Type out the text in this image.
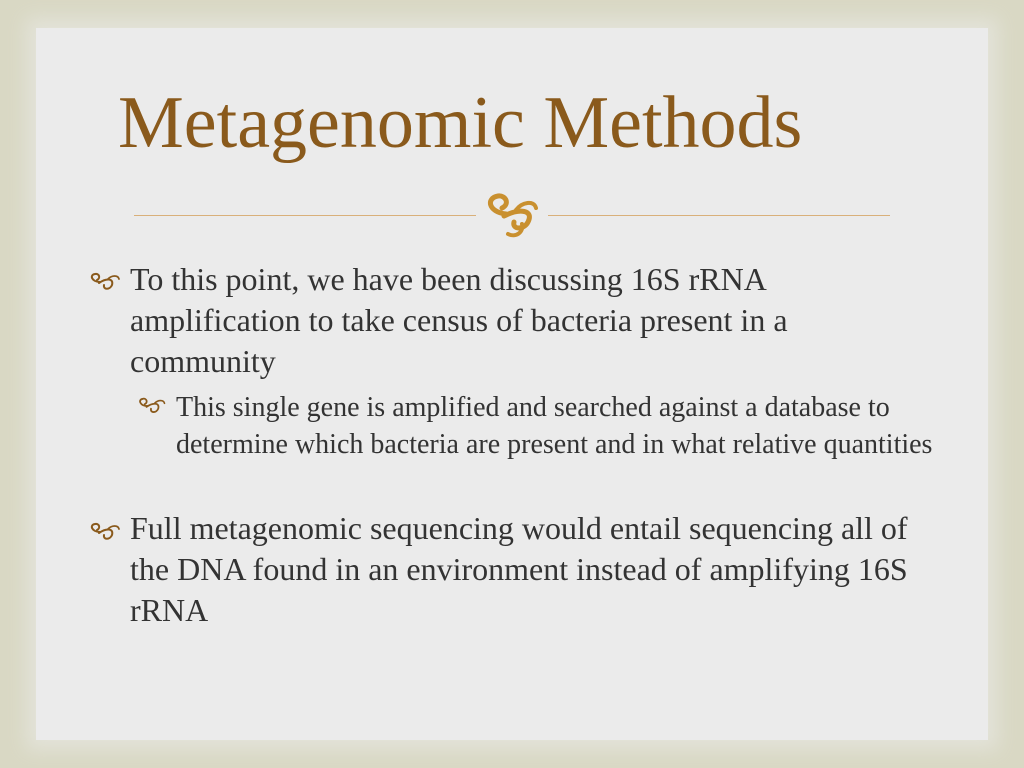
Metagenomic Methods
To this point, we have been discussing 16S rRNA amplification to take census of bacteria present in a community
This single gene is amplified and searched against a database to determine which bacteria are present and in what relative quantities
Full metagenomic sequencing would entail sequencing all of the DNA found in an environment instead of amplifying 16S rRNA
